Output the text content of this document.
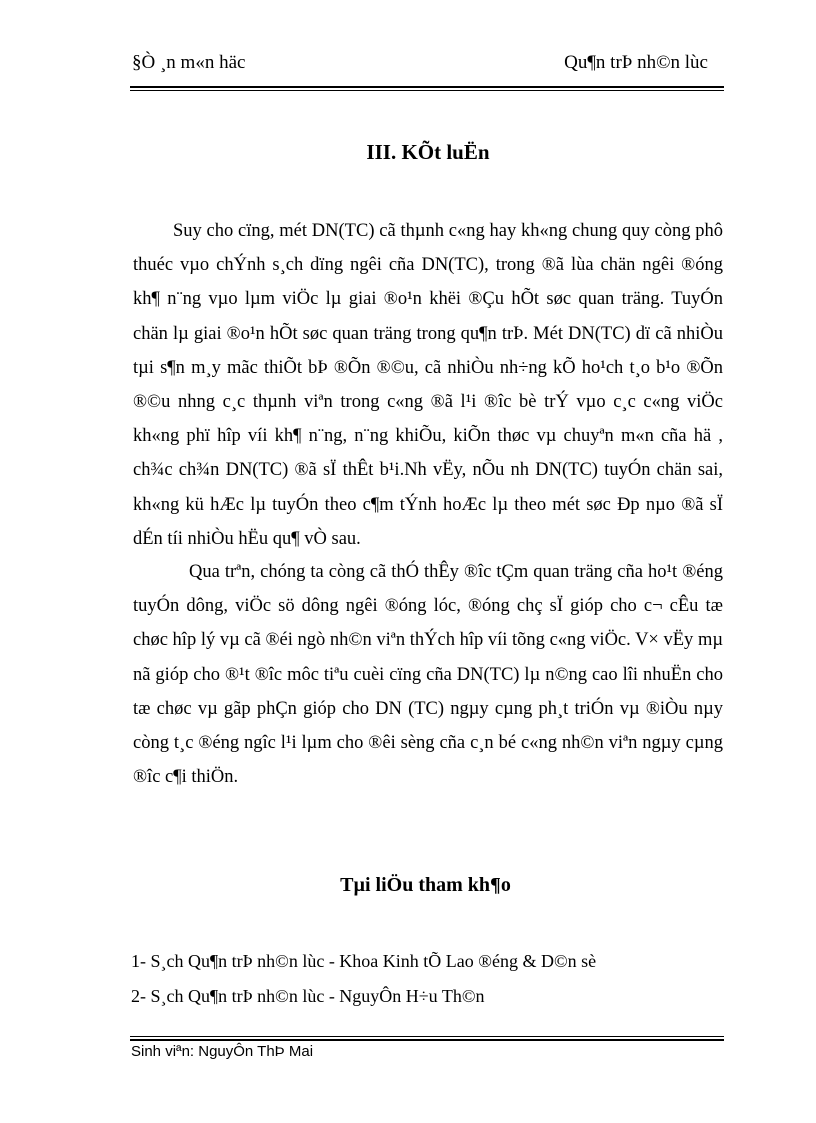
§Ò ¸n m«n häc	Qu¶n trÞ nh©n lùc
III. KÕt luËn

Suy cho cïng, mét DN(TC) cã thµnh c«ng hay kh«ng chung quy còng phô thuéc vµo chÝnh s¸ch dïng ngêi cña DN(TC), trong ®ã lùa chän ngêi ®óng kh¶ n¨ng vµo lµm viÖc lµ giai ®o¹n khëi ®Çu hÕt søc quan träng. TuyÓn chän lµ giai ®o¹n hÕt søc quan träng trong qu¶n trÞ. Mét DN(TC) dï cã nhiÒu tµi s¶n m¸y mãc thiÕt bÞ ®Õn ®©u, cã nhiÒu nh÷ng kÕ ho¹ch t¸o b¹o ®Õn ®©u nhng c¸c thµnh viªn trong c«ng ®ã l¹i ®îc bè trÝ vµo c¸c c«ng viÖc kh«ng phï hîp víi kh¶ n¨ng, n¨ng khiÕu, kiÕn thøc vµ chuyªn m«n cña hä , ch¾c ch¾n DN(TC) ®ã sÏ thÊt b¹i.Nh vËy, nÕu nh DN(TC) tuyÓn chän sai, kh«ng kü hÆc lµ tuyÓn theo c¶m tÝnh hoÆc lµ theo mét søc Ðp nµo ®ã sÏ dÉn tíi nhiÒu hËu qu¶ vÒ sau.

Qua trªn, chóng ta còng cã thÓ thÊy ®îc tÇm quan träng cña ho¹t ®éng tuyÓn dông, viÖc sö dông ngêi ®óng lóc, ®óng chç sÏ gióp cho c¬ cÊu tæ chøc hîp lý vµ cã ®éi ngò nh©n viªn thÝch hîp víi tõng c«ng viÖc. V× vËy mµ nã gióp cho ®¹t ®îc môc tiªu cuèi cïng cña DN(TC) lµ n©ng cao lîi nhuËn cho tæ chøc vµ gãp phÇn gióp cho DN (TC) ngµy cµng ph¸t triÓn vµ ®iÒu nµy còng t¸c ®éng ngîc l¹i lµm cho ®êi sèng cña c¸n bé c«ng nh©n viªn ngµy cµng ®îc c¶i thiÖn.

Tµi liÖu tham kh¶o
1- S¸ch Qu¶n trÞ nh©n lùc - Khoa Kinh tÕ Lao ®éng & D©n sè
2- S¸ch Qu¶n trÞ nh©n lùc - NguyÔn H÷u Th©n
Sinh viªn: NguyÔn ThÞ Mai
